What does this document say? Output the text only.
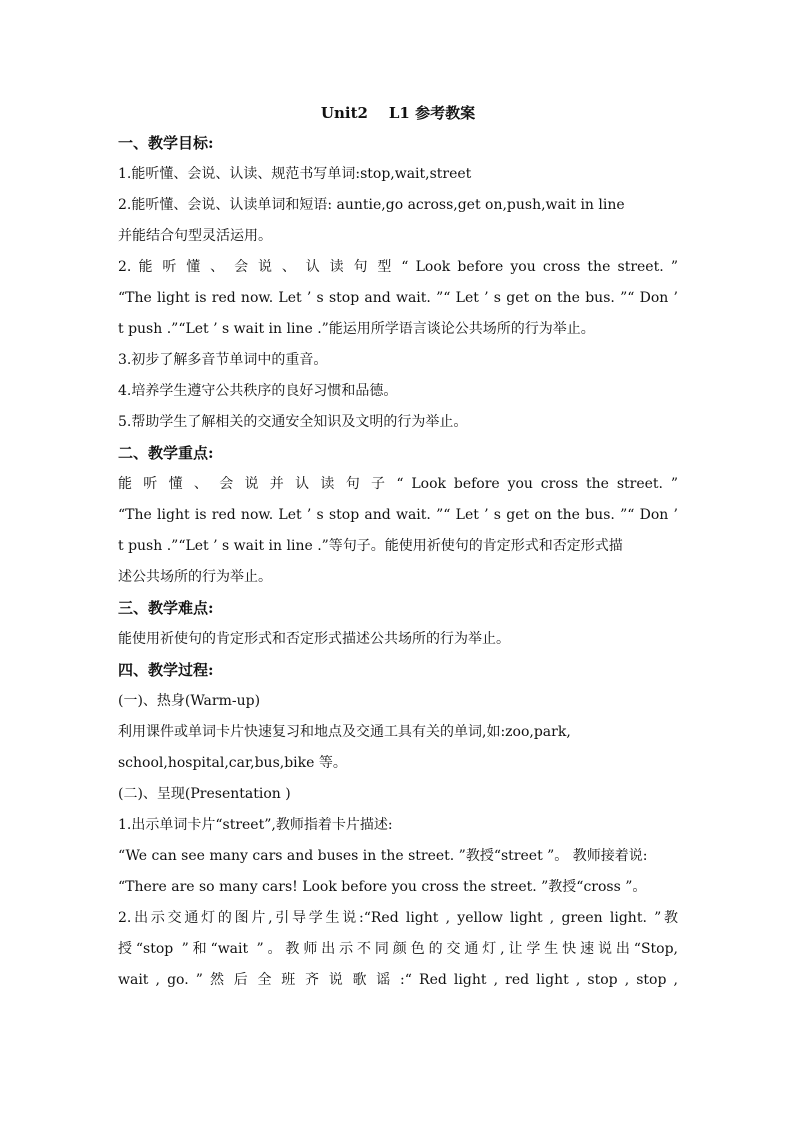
Unit2    L1 参考教案
一、教学目标:
1.能听懂、会说、认读、规范书写单词:stop,wait,street
2.能听懂、会说、认读单词和短语: auntie,go across,get on,push,wait in line
并能结合句型灵活运用。
2. 能 听 懂 、 会 说 、 认 读 句 型 “ Look before you cross the street. ”
“The light is red now. Let ’ s stop and wait. ”“ Let ’ s get on the bus. ”“ Don ’
t push .”“Let ’ s wait in line .”能运用所学语言谈论公共场所的行为举止。
3.初步了解多音节单词中的重音。
4.培养学生遵守公共秩序的良好习惯和品德。
5.帮助学生了解相关的交通安全知识及文明的行为举止。
二、教学重点:
能 听 懂 、 会 说 并 认 读 句 子 “ Look before you cross the street. ”
“The light is red now. Let ’ s stop and wait. ”“ Let ’ s get on the bus. ”“ Don ’
t push .”“Let ’ s wait in line .”等句子。能使用祈使句的肯定形式和否定形式描
述公共场所的行为举止。
三、教学难点:
能使用祈使句的肯定形式和否定形式描述公共场所的行为举止。
四、教学过程:
(一)、热身(Warm-up)
利用课件或单词卡片快速复习和地点及交通工具有关的单词,如:zoo,park,
school,hospital,car,bus,bike 等。
(二)、呈现(Presentation )
1.出示单词卡片“street”,教师指着卡片描述:
“We can see many cars and buses in the street. ”教授“street ”。 教师接着说:
“There are so many cars! Look before you cross the street. ”教授“cross ”。
2.出示交通灯的图片,引导学生说:“Red light , yellow light , green light. ”教
授“stop ”和“wait ”。教师出示不同颜色的交通灯,让学生快速说出“Stop,
wait , go. ” 然 后 全 班 齐 说 歌 谣 :“ Red light , red light , stop , stop ,
